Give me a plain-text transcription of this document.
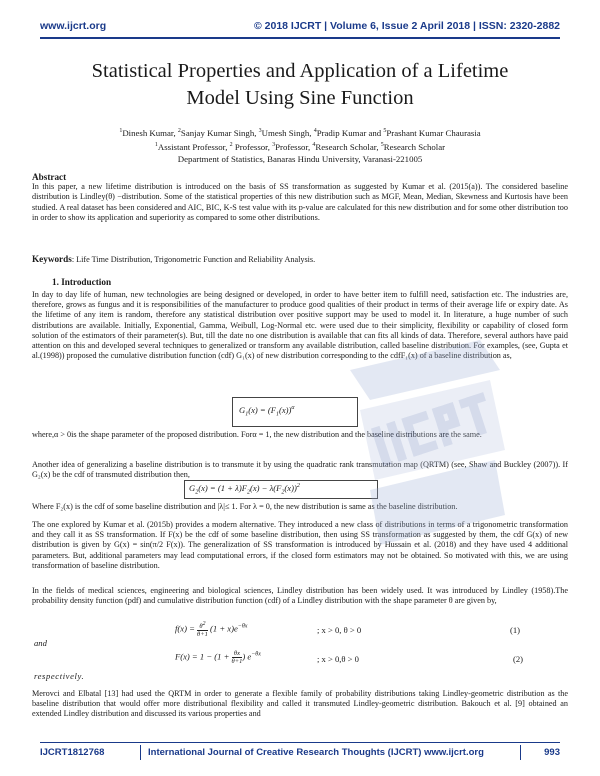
www.ijcrt.org	© 2018 IJCRT | Volume 6, Issue 2 April 2018 | ISSN: 2320-2882
Statistical Properties and Application of a Lifetime
Model Using Sine Function
$^1$Dinesh Kumar, $^2$Sanjay Kumar Singh, $^3$Umesh Singh, $^4$Pradip Kumar and $^5$Prashant Kumar Chaurasia
$^1$Assistant Professor, $^2$ Professor, $^3$Professor, $^4$Research Scholar, $^5$Research Scholar
Department of Statistics, Banaras Hindu University, Varanasi-221005
Abstract
In this paper, a new lifetime distribution is introduced on the basis of SS transformation as suggested by Kumar et al. (2015(a)). The considered baseline distribution is Lindley(θ) −distribution. Some of the statistical properties of this new distribution such as MGF, Mean, Median, Skewness and Kurtosis have been studied. A real dataset has been considered and AIC, BIC, K-S test value with its p-value are calculated for this new distribution and for some other distribution too in order to show its application and superiority as compared to some other distributions.
Keywords: Life Time Distribution, Trigonometric Function and Reliability Analysis.
1. Introduction
In day to day life of human, new technologies are being designed or developed, in order to have better item to fulfill need, satisfaction etc. The industries are, therefore, grows as fungus and it is responsibilities of the manufacturer to produce good qualities of their product in terms of their average life or expiry date. As the lifetime of any item is random, therefore any statistical distribution over positive support may be used to model it. In literature, a huge number of such distributions are available. Initially, Exponential, Gamma, Weibull, Log-Normal etc. were used due to their simplicity, flexibility or capability of closed form solution of the estimators of their parameter(s). But, till the date no one distribution is available that can fits all kinds of data. Therefore, several authors have paid attention on this and developed several techniques to generalized or transform any available distribution, called baseline distribution. For examples, (see, Gupta et al.(1998)) proposed the cumulative distribution function (cdf) G₁(x) of new distribution corresponding to the cdfF₁(x) of a baseline distribution as,
$G_1(x) = (F_1(x))^\alpha$
where,α > 0is the shape parameter of the proposed distribution. Forα = 1, the new distribution and the baseline distributions are the same.
Another idea of generalizing a baseline distribution is to transmute it by using the quadratic rank transmutation map (QRTM) (see, Shaw and Buckley (2007)). If G₂(x) be the cdf of transmuted distribution then,
$G_2(x) = (1 + \lambda)F_2(x) - \lambda(F_2(x))^2$
Where F₂(x) is the cdf of some baseline distribution and |λ|≤ 1. For λ = 0, the new distribution is same as the baseline distribution.
The one explored by Kumar et al. (2015b) provides a modern alternative. They introduced a new class of distributions in terms of a trigonometric transformation and they call it as SS transformation. If F(x) be the cdf of some baseline distribution, then using SS transformation as suggested by them, the cdf G(x) of new distribution is given by G(x) = sin(π/2 F(x)). The generalization of SS transformation is introduced by Hussain et al. (2018) and they have used 4 additional parameters. But, additional parameters may lead computational errors, if the closed form estimators may not be obtained. So motivated with this, we are using transformation of baseline distribution.
In the fields of medical sciences, engineering and biological sciences, Lindley distribution has been widely used. It was introduced by Lindley (1958).The probability density function (pdf) and cumulative distribution function (cdf) of a Lindley distribution with the shape parameter θ are given by,
$f(x) = \frac{\theta^2}{\theta+1} (1 + x)e^{-\theta x}$	; x > 0, θ > 0	(1)
and
$F(x) = 1 - (1 + \frac{\theta x}{\theta+1}$ ) $e^{-\theta x}$	; x > 0,θ > 0	(2)
respectively.
Merovci and Elbatal [13] had used the QRTM in order to generate a flexible family of probability distributions taking Lindley-geometric distribution as the baseline distribution that would offer more distributional flexibility and called it transmuted Lindley-geometric distribution. Bakouch et al. [9] obtained an extended Lindley distribution and discussed its various properties and
IJCRT1812768	International Journal of Creative Research Thoughts (IJCRT) www.ijcrt.org	993
